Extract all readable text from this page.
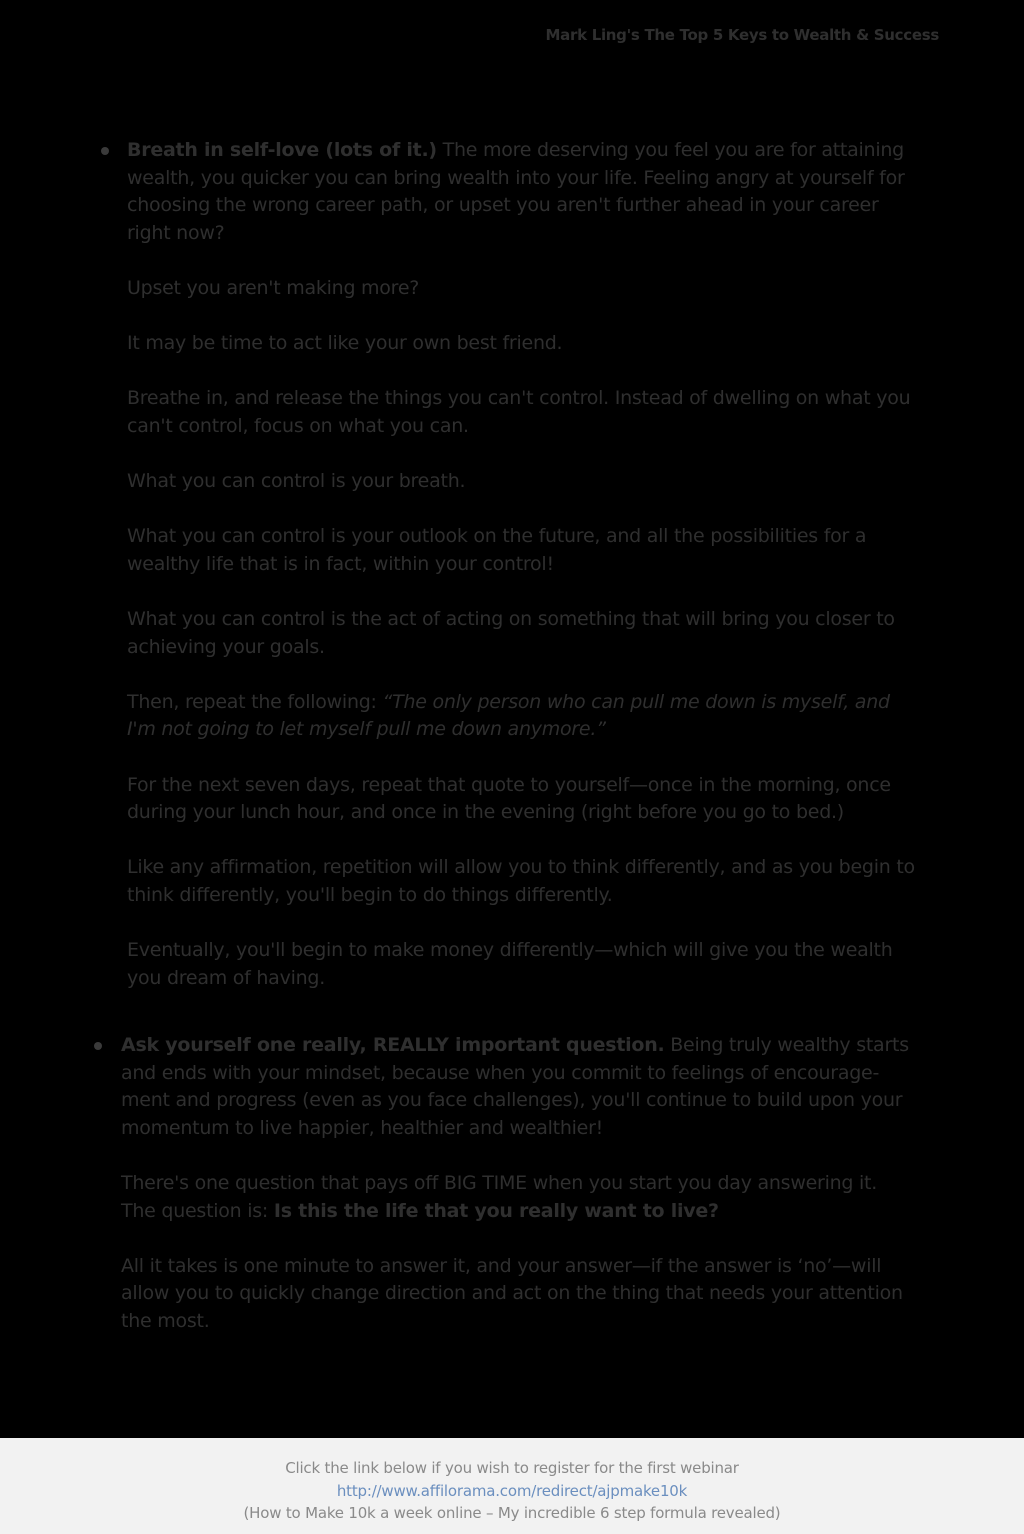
Mark Ling's The Top 5 Keys to Wealth & Success

Breath in self-love (lots of it.) The more deserving you feel you are for attaining wealth, you quicker you can bring wealth into your life. Feeling angry at yourself for choosing the wrong career path, or upset you aren't further ahead in your career right now?

Upset you aren't making more?

It may be time to act like your own best friend.

Breathe in, and release the things you can't control. Instead of dwelling on what you can't control, focus on what you can.

What you can control is your breath.

What you can control is your outlook on the future, and all the possibilities for a wealthy life that is in fact, within your control!

What you can control is the act of acting on something that will bring you closer to achieving your goals.

Then, repeat the following: “The only person who can pull me down is myself, and I'm not going to let myself pull me down anymore.”

For the next seven days, repeat that quote to yourself—once in the morning, once during your lunch hour, and once in the evening (right before you go to bed.)

Like any affirmation, repetition will allow you to think differently, and as you begin to think differently, you'll begin to do things differently.

Eventually, you'll begin to make money differently—which will give you the wealth you dream of having.

Ask yourself one really, REALLY important question. Being truly wealthy starts and ends with your mindset, because when you commit to feelings of encourage-ment and progress (even as you face challenges), you'll continue to build upon your momentum to live happier, healthier and wealthier!

There's one question that pays off BIG TIME when you start you day answering it. The question is: Is this the life that you really want to live?

All it takes is one minute to answer it, and your answer—if the answer is ‘no’—will allow you to quickly change direction and act on the thing that needs your attention the most.

Click the link below if you wish to register for the first webinar
http://www.affilorama.com/redirect/ajpmake10k
(How to Make 10k a week online – My incredible 6 step formula revealed)
